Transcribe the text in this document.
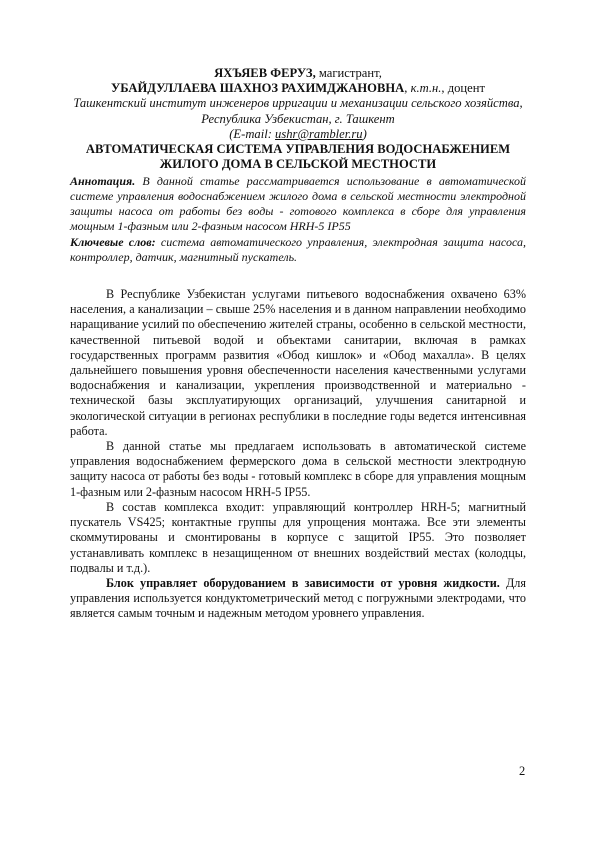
ЯХЪЯЕВ ФЕРУЗ, магистрант,
УБАЙДУЛЛАЕВА ШАХНОЗ РАХИМДЖАНОВНА, к.т.н., доцент
Ташкентский институт инженеров ирригации и механизации сельского хозяйства, Республика Узбекистан, г. Ташкент
(E-mail: ushr@rambler.ru)
АВТОМАТИЧЕСКАЯ СИСТЕМА УПРАВЛЕНИЯ ВОДОСНАБЖЕНИЕМ ЖИЛОГО ДОМА В СЕЛЬСКОЙ МЕСТНОСТИ
Аннотация. В данной статье рассматривается использование в автоматической системе управления водоснабжением жилого дома в сельской местности электродной защиты насоса от работы без воды - готового комплекса в сборе для управления мощным 1-фазным или 2-фазным насосом HRH-5 IP55
Ключевые слов: система автоматического управления, электродная защита насоса, контроллер, датчик, магнитный пускатель.

В Республике Узбекистан услугами питьевого водоснабжения охвачено 63% населения, а канализации – свыше 25% населения и в данном направлении необходимо наращивание усилий по обеспечению жителей страны, особенно в сельской местности, качественной питьевой водой и объектами санитарии, включая в рамках государственных программ развития «Обод кишлок» и «Обод махалла». В целях дальнейшего повышения уровня обеспеченности населения качественными услугами водоснабжения и канализации, укрепления производственной и материально - технической базы эксплуатирующих организаций, улучшения санитарной и экологической ситуации в регионах республики в последние годы ведется интенсивная работа.

В данной статье мы предлагаем использовать в автоматической системе управления водоснабжением фермерского дома в сельской местности электродную защиту насоса от работы без воды - готовый комплекс в сборе для управления мощным 1-фазным или 2-фазным насосом HRH-5 IP55.

В состав комплекса входит: управляющий контроллер HRH-5; магнитный пускатель VS425; контактные группы для упрощения монтажа. Все эти элементы скоммутированы и смонтированы в корпусе с защитой IP55. Это позволяет устанавливать комплекс в незащищенном от внешних воздействий местах (колодцы, подвалы и т.д.).

Блок управляет оборудованием в зависимости от уровня жидкости. Для управления используется кондуктометрический метод с погружными электродами, что является самым точным и надежным методом уровнего управления.

2
